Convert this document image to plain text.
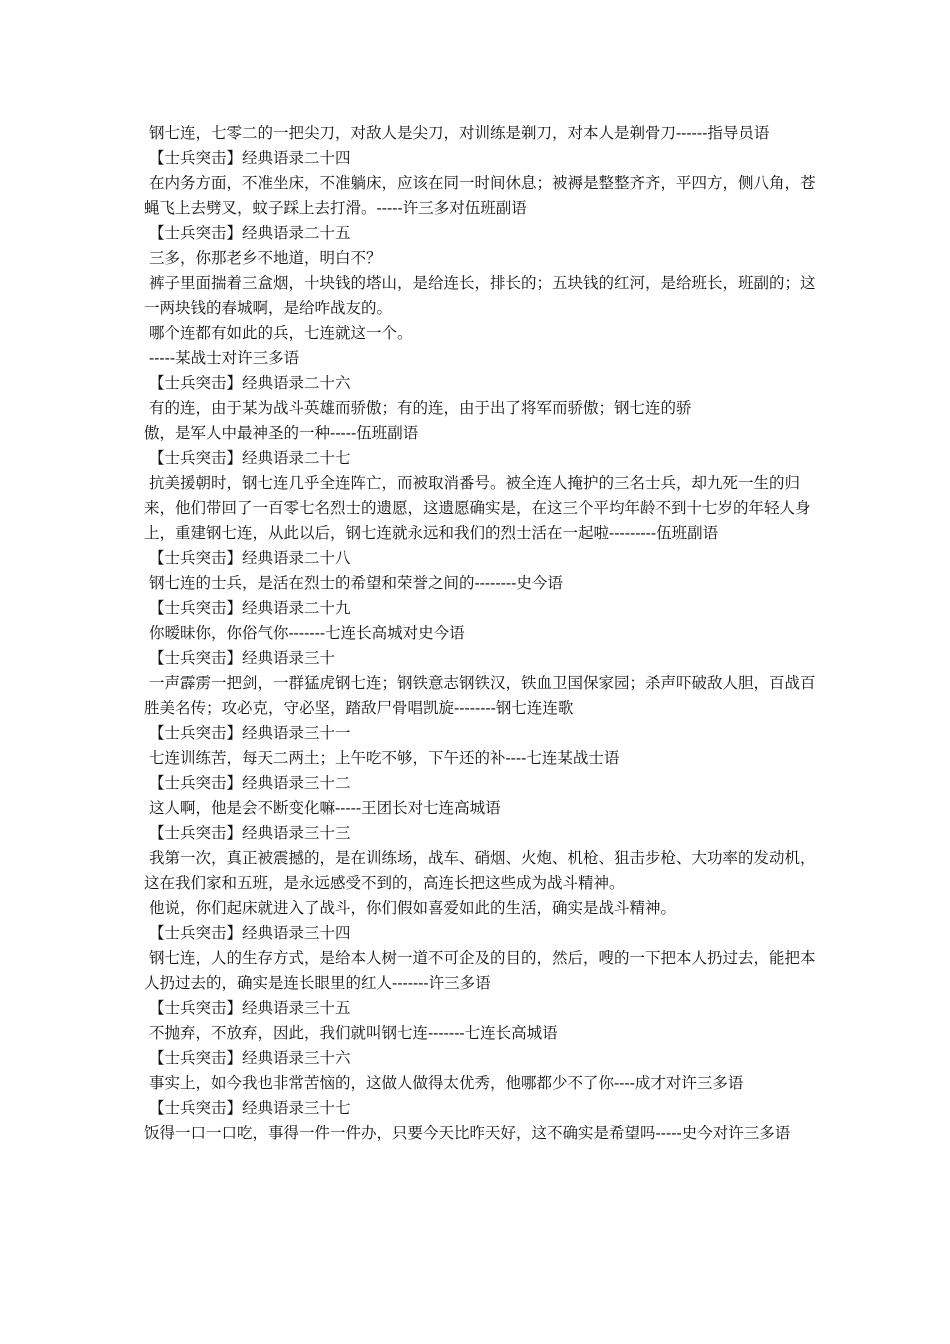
钢七连，七零二的一把尖刀，对敌人是尖刀，对训练是剃刀，对本人是剃骨刀------指导员语

【士兵突击】经典语录二十四

在内务方面，不准坐床，不准躺床，应该在同一时间休息；被褥是整整齐齐，平四方，侧八角，苍蝇飞上去劈叉，蚊子踩上去打滑。-----许三多对伍班副语

【士兵突击】经典语录二十五

三多，你那老乡不地道，明白不？

裤子里面揣着三盒烟，十块钱的塔山，是给连长，排长的；五块钱的红河，是给班长，班副的；这一两块钱的春城啊，是给咋战友的。

哪个连都有如此的兵，七连就这一个。

-----某战士对许三多语

【士兵突击】经典语录二十六

有的连，由于某为战斗英雄而骄傲；有的连，由于出了将军而骄傲；钢七连的骄
傲，是军人中最神圣的一种-----伍班副语

【士兵突击】经典语录二十七

抗美援朝时，钢七连几乎全连阵亡，而被取消番号。被全连人掩护的三名士兵，却九死一生的归来，他们带回了一百零七名烈士的遗愿，这遗愿确实是，在这三个平均年龄不到十七岁的年轻人身上，重建钢七连，从此以后，钢七连就永远和我们的烈士活在一起啦---------伍班副语

【士兵突击】经典语录二十八

钢七连的士兵，是活在烈士的希望和荣誉之间的--------史今语

【士兵突击】经典语录二十九

你暧昧你，你俗气你-------七连长高城对史今语

【士兵突击】经典语录三十

一声霹雳一把剑，一群猛虎钢七连；钢铁意志钢铁汉，铁血卫国保家园；杀声吓破敌人胆，百战百胜美名传；攻必克，守必坚，踏敌尸骨唱凯旋--------钢七连连歌

【士兵突击】经典语录三十一

七连训练苦，每天二两土；上午吃不够，下午还的补----七连某战士语

【士兵突击】经典语录三十二

这人啊，他是会不断变化嘛-----王团长对七连高城语

【士兵突击】经典语录三十三

我第一次，真正被震撼的，是在训练场，战车、硝烟、火炮、机枪、狙击步枪、大功率的发动机，这在我们家和五班，是永远感受不到的，高连长把这些成为战斗精神。

他说，你们起床就进入了战斗，你们假如喜爱如此的生活，确实是战斗精神。

【士兵突击】经典语录三十四

钢七连，人的生存方式，是给本人树一道不可企及的目的，然后，嗖的一下把本人扔过去，能把本人扔过去的，确实是连长眼里的红人-------许三多语

【士兵突击】经典语录三十五

不抛弃，不放弃，因此，我们就叫钢七连-------七连长高城语

【士兵突击】经典语录三十六

事实上，如今我也非常苦恼的，这做人做得太优秀，他哪都少不了你----成才对许三多语

【士兵突击】经典语录三十七

饭得一口一口吃，事得一件一件办，只要今天比昨天好，这不确实是希望吗-----史今对许三多语
